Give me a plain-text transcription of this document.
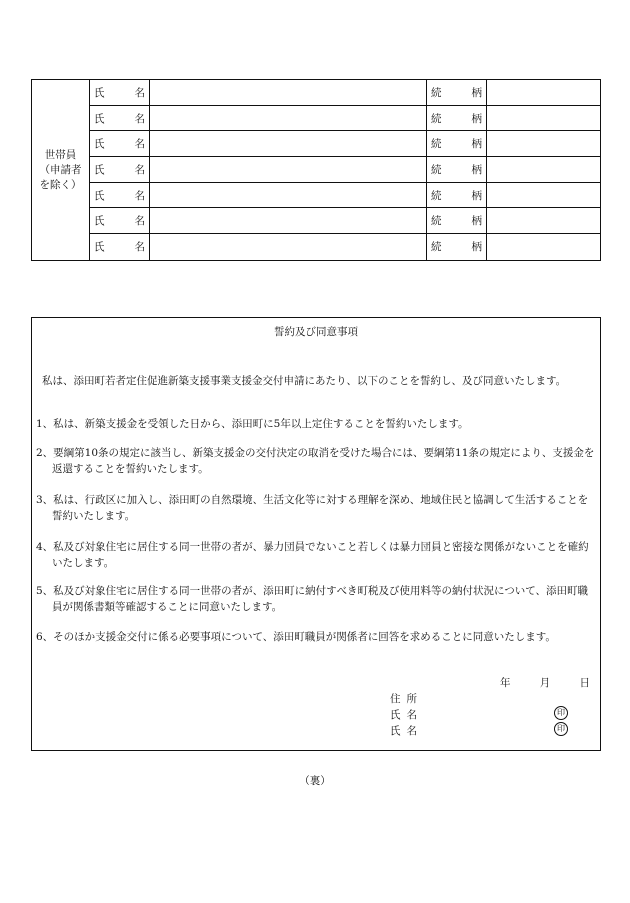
世帯員
（申請者
を除く）
氏	名	続	柄
氏	名	続	柄
氏	名	続	柄
氏	名	続	柄
氏	名	続	柄
氏	名	続	柄
氏	名	続	柄
誓約及び同意事項
私は、添田町若者定住促進新築支援事業支援金交付申請にあたり、以下のことを誓約し、及び同意いたします。
1、私は、新築支援金を受領した日から、添田町に5年以上定住することを誓約いたします。
2、要綱第10条の規定に該当し、新築支援金の交付決定の取消を受けた場合には、要綱第11条の規定により、支援金を返還することを誓約いたします。
3、私は、行政区に加入し、添田町の自然環境、生活文化等に対する理解を深め、地域住民と協調して生活することを誓約いたします。
4、私及び対象住宅に居住する同一世帯の者が、暴力団員でないこと若しくは暴力団員と密接な関係がないことを確約いたします。
5、私及び対象住宅に居住する同一世帯の者が、添田町に納付すべき町税及び使用料等の納付状況について、添田町職員が関係書類等確認することに同意いたします。
6、そのほか支援金交付に係る必要事項について、添田町職員が関係者に回答を求めることに同意いたします。
年	月	日
住所
氏名	印
氏名	印
（裏）
